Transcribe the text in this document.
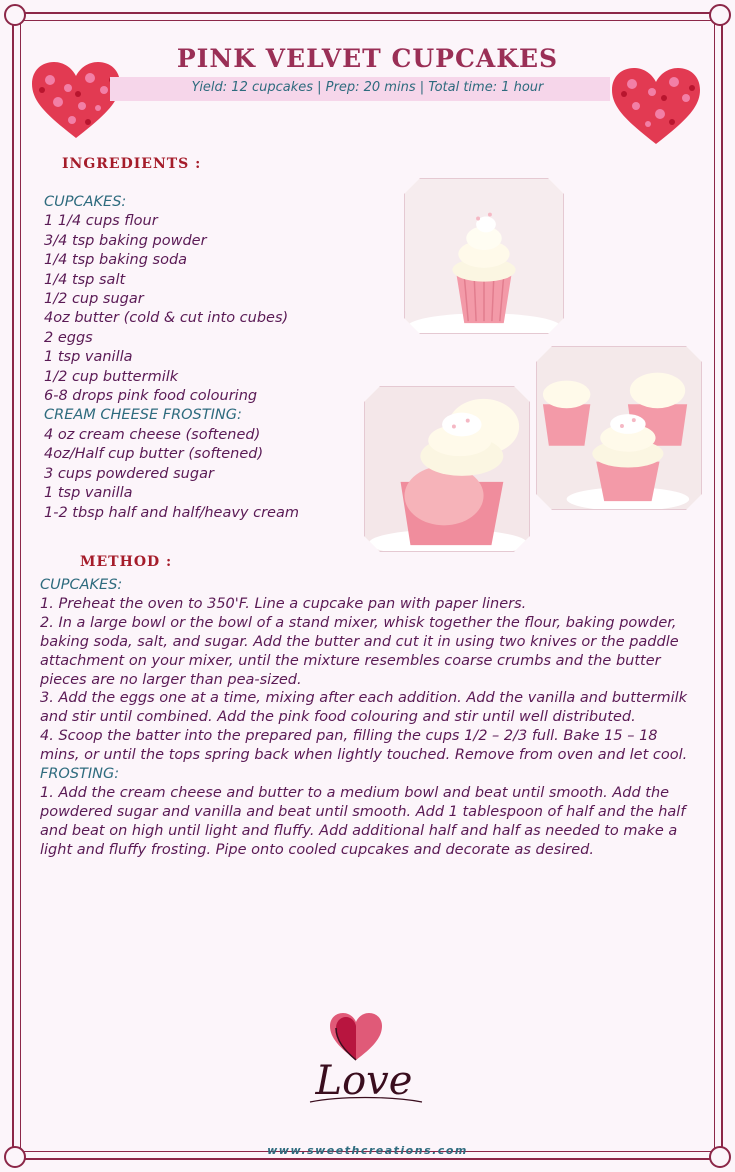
PINK VELVET CUPCAKES
Yield: 12 cupcakes | Prep: 20 mins | Total time: 1 hour
INGREDIENTS :
CUPCAKES:
1 1/4 cups flour
3/4 tsp baking powder
1/4 tsp baking soda
1/4 tsp salt
1/2 cup sugar
4oz butter (cold & cut into cubes)
2 eggs
1 tsp vanilla
1/2 cup buttermilk
6-8 drops pink food colouring
CREAM CHEESE FROSTING:
4 oz cream cheese (softened)
4oz/Half cup butter (softened)
3 cups powdered sugar
1 tsp vanilla
1-2 tbsp half and half/heavy cream
METHOD :

CUPCAKES:

1. Preheat the oven to 350'F. Line a cupcake pan with paper liners.

2. In a large bowl or the bowl of a stand mixer, whisk together the flour, baking powder, baking soda, salt, and sugar. Add the butter and cut it in using two knives or the paddle attachment on your mixer, until the mixture resembles coarse crumbs and the butter pieces are no larger than pea-sized.

3. Add the eggs one at a time, mixing after each addition. Add the vanilla and buttermilk and stir until combined. Add the pink food colouring and stir until well distributed.

4. Scoop the batter into the prepared pan, filling the cups 1/2 – 2/3 full. Bake 15 – 18 mins, or until the tops spring back when lightly touched. Remove from oven and let cool.

FROSTING:

1. Add the cream cheese and butter to a medium bowl and beat until smooth. Add the powdered sugar and vanilla and beat until smooth. Add 1 tablespoon of half and the half and beat on high until light and fluffy. Add additional half and half as needed to make a light and fluffy frosting. Pipe onto cooled cupcakes and decorate as desired.

Love
www.sweethcreations.com
